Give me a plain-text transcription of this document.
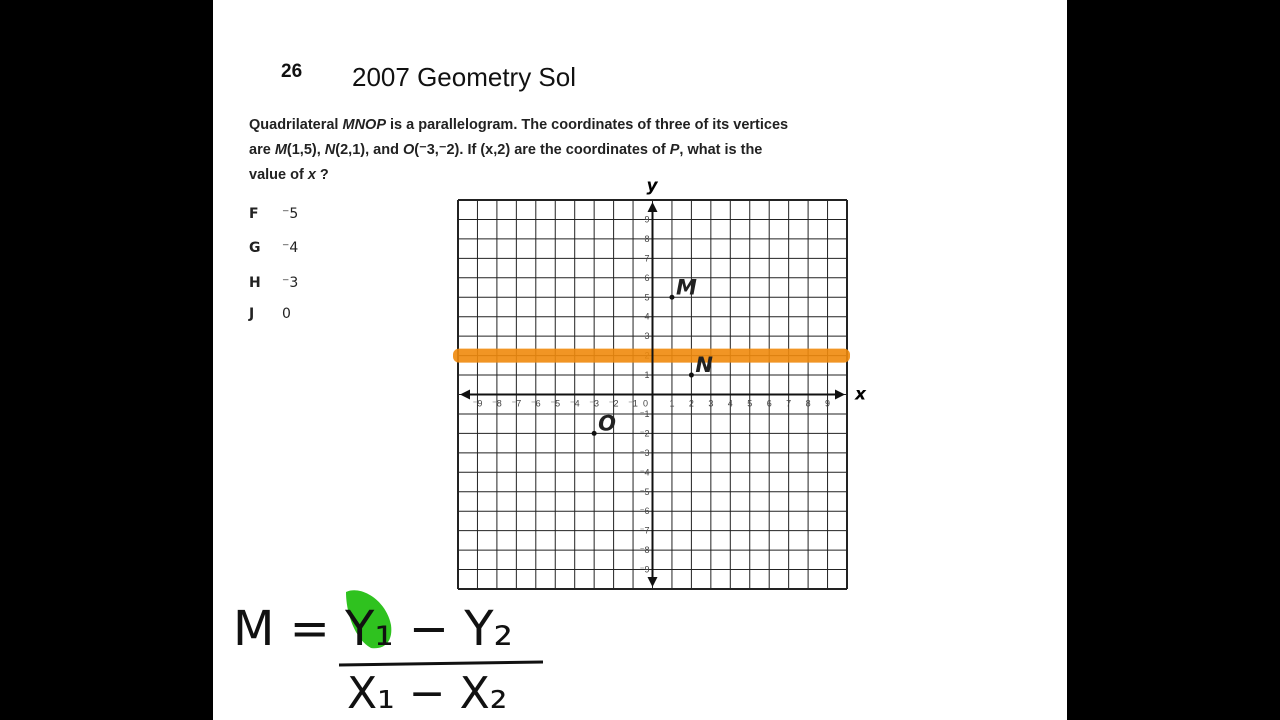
26 2007 Geometry Sol
Quadrilateral MNOP is a parallelogram. The coordinates of three of its vertices
are M(1,5), N(2,1), and O(⁻3,⁻2). If (x,2) are the coordinates of P, what is the
value of x ?
F ⁻5
G ⁻4
H ⁻3
J 0
⁻9
⁻9
⁻8
⁻8
⁻7
⁻7
⁻6
⁻6
⁻5
⁻5
⁻4
⁻4
⁻3
⁻3
⁻2
⁻2
⁻1
⁻1
1
1
2 3
3
4
4
5
5
6
6
7
7
8
8
9
9
0
M
N
O
x
y
M = Y₁ − Y₂
X₁ − X₂
